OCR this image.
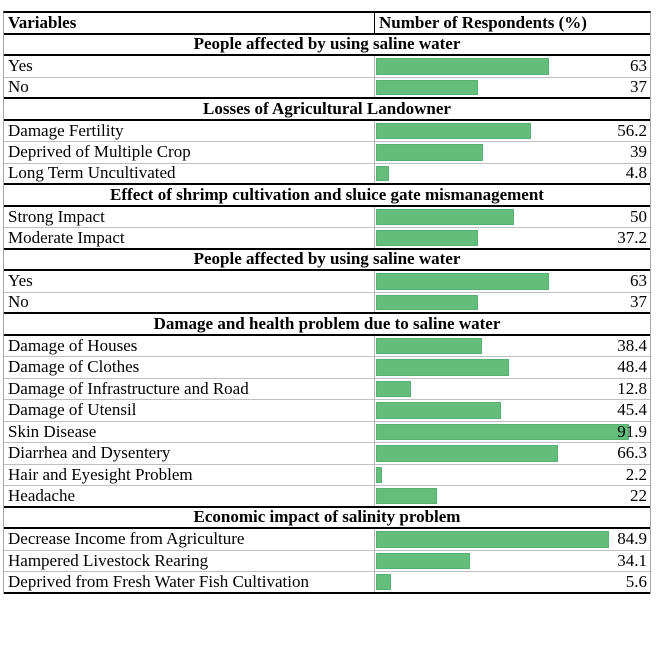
Variables	Number of Respondents (%)
People affected by using saline water
Yes	63
No	37
Losses of Agricultural Landowner
Damage Fertility	56.2
Deprived of Multiple Crop	39
Long Term Uncultivated	4.8
Effect of shrimp cultivation and sluice gate mismanagement
Strong Impact	50
Moderate Impact	37.2
People affected by using saline water
Yes	63
No	37
Damage and health problem due to saline water
Damage of Houses	38.4
Damage of Clothes	48.4
Damage of Infrastructure and Road	12.8
Damage of Utensil	45.4
Skin Disease	91.9
Diarrhea and Dysentery	66.3
Hair and Eyesight Problem	2.2
Headache	22
Economic impact of salinity problem
Decrease Income from Agriculture	84.9
Hampered Livestock Rearing	34.1
Deprived from Fresh Water Fish Cultivation	5.6
